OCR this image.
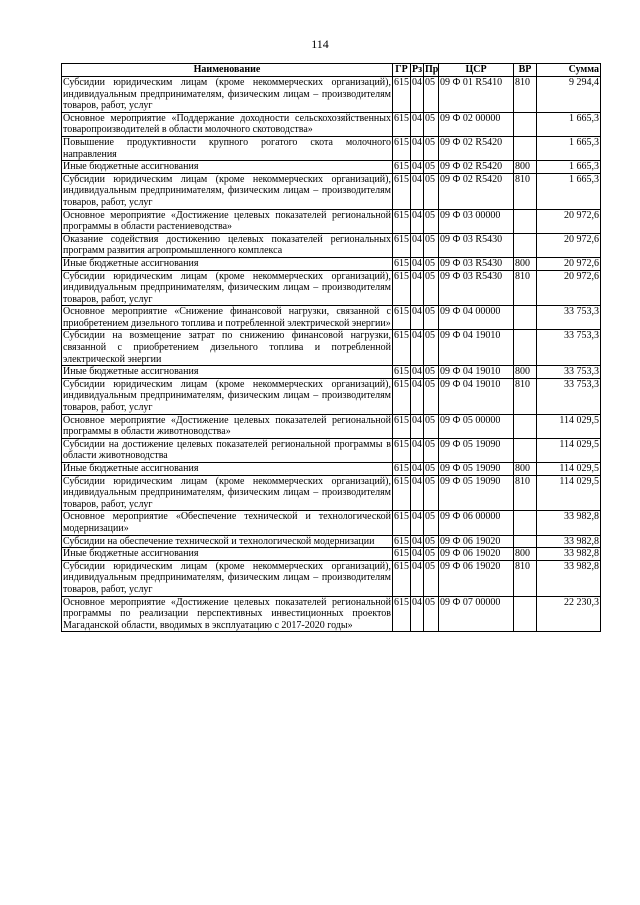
114
Наименование	ГР	Рз	Пр	ЦСР	ВР	Сумма
Субсидии юридическим лицам (кроме некоммерческих организаций), индивидуальным предпринимателям, физическим лицам – производителям товаров, работ, услуг	615	04	05	09 Ф 01 R5410	810	9 294,4
Основное мероприятие «Поддержание доходности сельскохозяйственных товаропроизводителей в области молочного скотоводства»	615	04	05	09 Ф 02 00000		1 665,3
Повышение продуктивности крупного рогатого скота молочного направления	615	04	05	09 Ф 02 R5420		1 665,3
Иные бюджетные ассигнования	615	04	05	09 Ф 02 R5420	800	1 665,3
Субсидии юридическим лицам (кроме некоммерческих организаций), индивидуальным предпринимателям, физическим лицам – производителям товаров, работ, услуг	615	04	05	09 Ф 02 R5420	810	1 665,3
Основное мероприятие «Достижение целевых показателей региональной программы в области растениеводства»	615	04	05	09 Ф 03 00000		20 972,6
Оказание содействия достижению целевых показателей региональных программ развития агропромышленного комплекса	615	04	05	09 Ф 03 R5430		20 972,6
Иные бюджетные ассигнования	615	04	05	09 Ф 03 R5430	800	20 972,6
Субсидии юридическим лицам (кроме некоммерческих организаций), индивидуальным предпринимателям, физическим лицам – производителям товаров, работ, услуг	615	04	05	09 Ф 03 R5430	810	20 972,6
Основное мероприятие «Снижение финансовой нагрузки, связанной с приобретением дизельного топлива и потребленной электрической энергии»	615	04	05	09 Ф 04 00000		33 753,3
Субсидии на возмещение затрат по снижению финансовой нагрузки, связанной с приобретением дизельного топлива и потребленной электрической энергии	615	04	05	09 Ф 04 19010		33 753,3
Иные бюджетные ассигнования	615	04	05	09 Ф 04 19010	800	33 753,3
Субсидии юридическим лицам (кроме некоммерческих организаций), индивидуальным предпринимателям, физическим лицам – производителям товаров, работ, услуг	615	04	05	09 Ф 04 19010	810	33 753,3
Основное мероприятие «Достижение целевых показателей региональной программы в области животноводства»	615	04	05	09 Ф 05 00000		114 029,5
Субсидии на достижение целевых показателей региональной программы в области животноводства	615	04	05	09 Ф 05 19090		114 029,5
Иные бюджетные ассигнования	615	04	05	09 Ф 05 19090	800	114 029,5
Субсидии юридическим лицам (кроме некоммерческих организаций), индивидуальным предпринимателям, физическим лицам – производителям товаров, работ, услуг	615	04	05	09 Ф 05 19090	810	114 029,5
Основное мероприятие «Обеспечение технической и технологической модернизации»	615	04	05	09 Ф 06 00000		33 982,8
Субсидии на обеспечение технической и технологической модернизации	615	04	05	09 Ф 06 19020		33 982,8
Иные бюджетные ассигнования	615	04	05	09 Ф 06 19020	800	33 982,8
Субсидии юридическим лицам (кроме некоммерческих организаций), индивидуальным предпринимателям, физическим лицам – производителям товаров, работ, услуг	615	04	05	09 Ф 06 19020	810	33 982,8
Основное мероприятие «Достижение целевых показателей региональной программы по реализации перспективных инвестиционных проектов Магаданской области, вводимых в эксплуатацию с 2017-2020 годы»	615	04	05	09 Ф 07 00000		22 230,3
